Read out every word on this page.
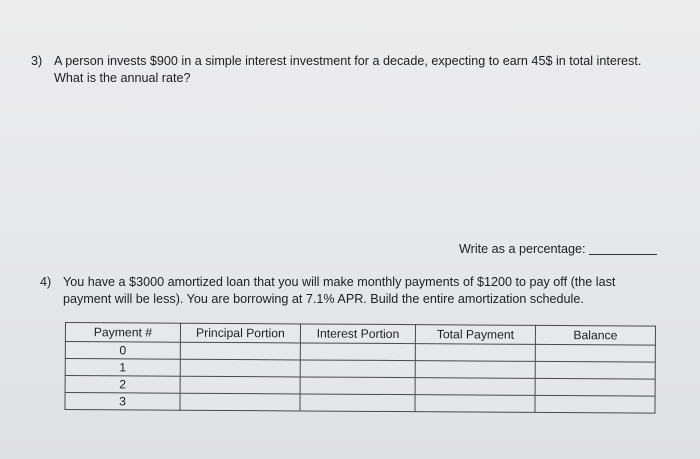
3) A person invests $900 in a simple interest investment for a decade, expecting to earn 45$ in total interest.
What is the annual rate?
Write as a percentage:
4) You have a $3000 amortized loan that you will make monthly payments of $1200 to pay off (the last
payment will be less). You are borrowing at 7.1% APR. Build the entire amortization schedule.
Payment #	Principal Portion	Interest Portion	Total Payment	Balance
0				
1				
2				
3				
